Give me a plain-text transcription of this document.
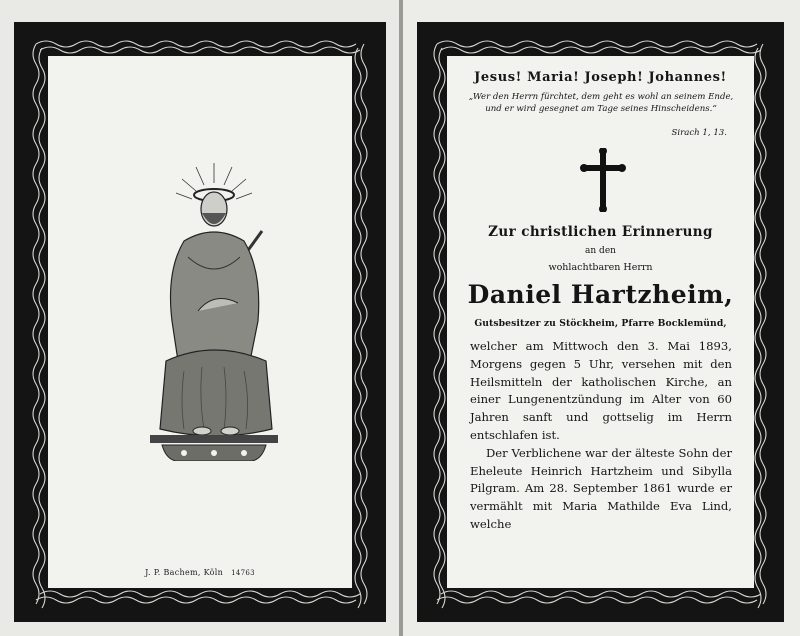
J. P. Bachem, Köln 14763
Jesus! Maria! Joseph! Johannes!
„Wer den Herrn fürchtet, dem geht es wohl an seinem Ende, und er wird gesegnet am Tage seines Hinscheidens.“
Sirach 1, 13.
Zur christlichen Erinnerung
an den
wohlachtbaren Herrn
Daniel Hartzheim,
Gutsbesitzer zu Stöckheim, Pfarre Bocklemünd,

welcher am Mittwoch den 3. Mai 1893, Morgens gegen 5 Uhr, versehen mit den Heilsmitteln der katholischen Kirche, an einer Lungenentzündung im Alter von 60 Jahren sanft und gottselig im Herrn entschlafen ist.

Der Verblichene war der älteste Sohn der Eheleute Heinrich Hartzheim und Sibylla Pilgram. Am 28. September 1861 wurde er vermählt mit Maria Mathilde Eva Lind, welche
